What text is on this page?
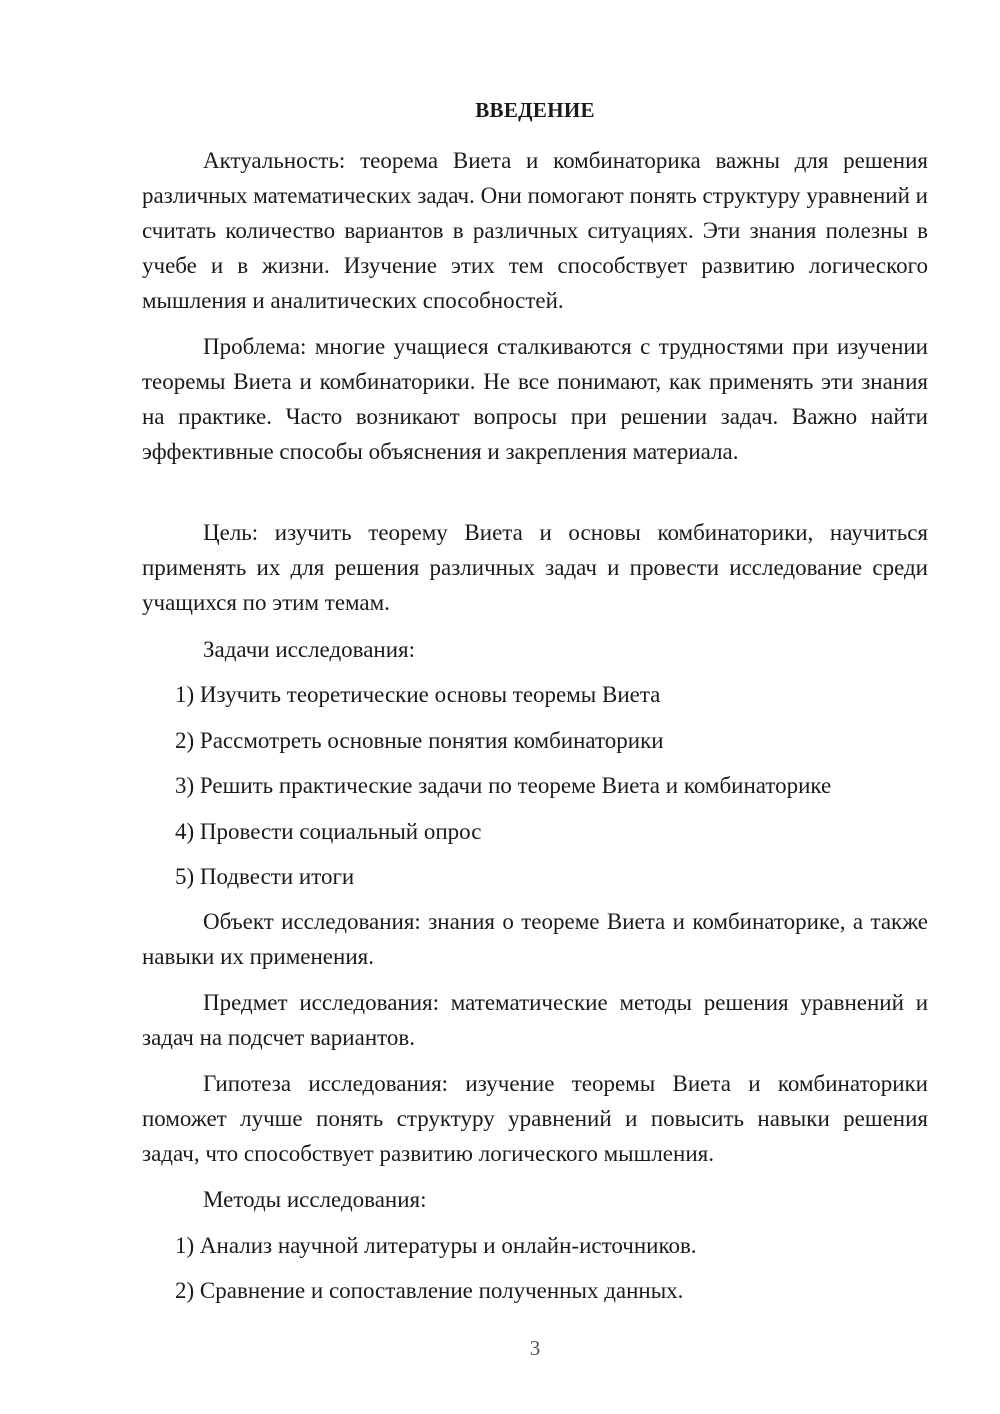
ВВЕДЕНИЕ

Актуальность: теорема Виета и комбинаторика важны для решения различных математических задач. Они помогают понять структуру уравнений и считать количество вариантов в различных ситуациях. Эти знания полезны в учебе и в жизни. Изучение этих тем способствует развитию логического мышления и аналитических способностей.

Проблема: многие учащиеся сталкиваются с трудностями при изучении теоремы Виета и комбинаторики. Не все понимают, как применять эти знания на практике. Часто возникают вопросы при решении задач. Важно найти эффективные способы объяснения и закрепления материала.

Цель: изучить теорему Виета и основы комбинаторики, научиться применять их для решения различных задач и провести исследование среди учащихся по этим темам.

Задачи исследования:

1) Изучить теоретические основы теоремы Виета

2) Рассмотреть основные понятия комбинаторики

3) Решить практические задачи по теореме Виета и комбинаторике

4) Провести социальный опрос

5) Подвести итоги

Объект исследования: знания о теореме Виета и комбинаторике, а также навыки их применения.

Предмет исследования: математические методы решения уравнений и задач на подсчет вариантов.

Гипотеза исследования: изучение теоремы Виета и комбинаторики поможет лучше понять структуру уравнений и повысить навыки решения задач, что способствует развитию логического мышления.

Методы исследования:

1) Анализ научной литературы и онлайн-источников.

2) Сравнение и сопоставление полученных данных.

3
